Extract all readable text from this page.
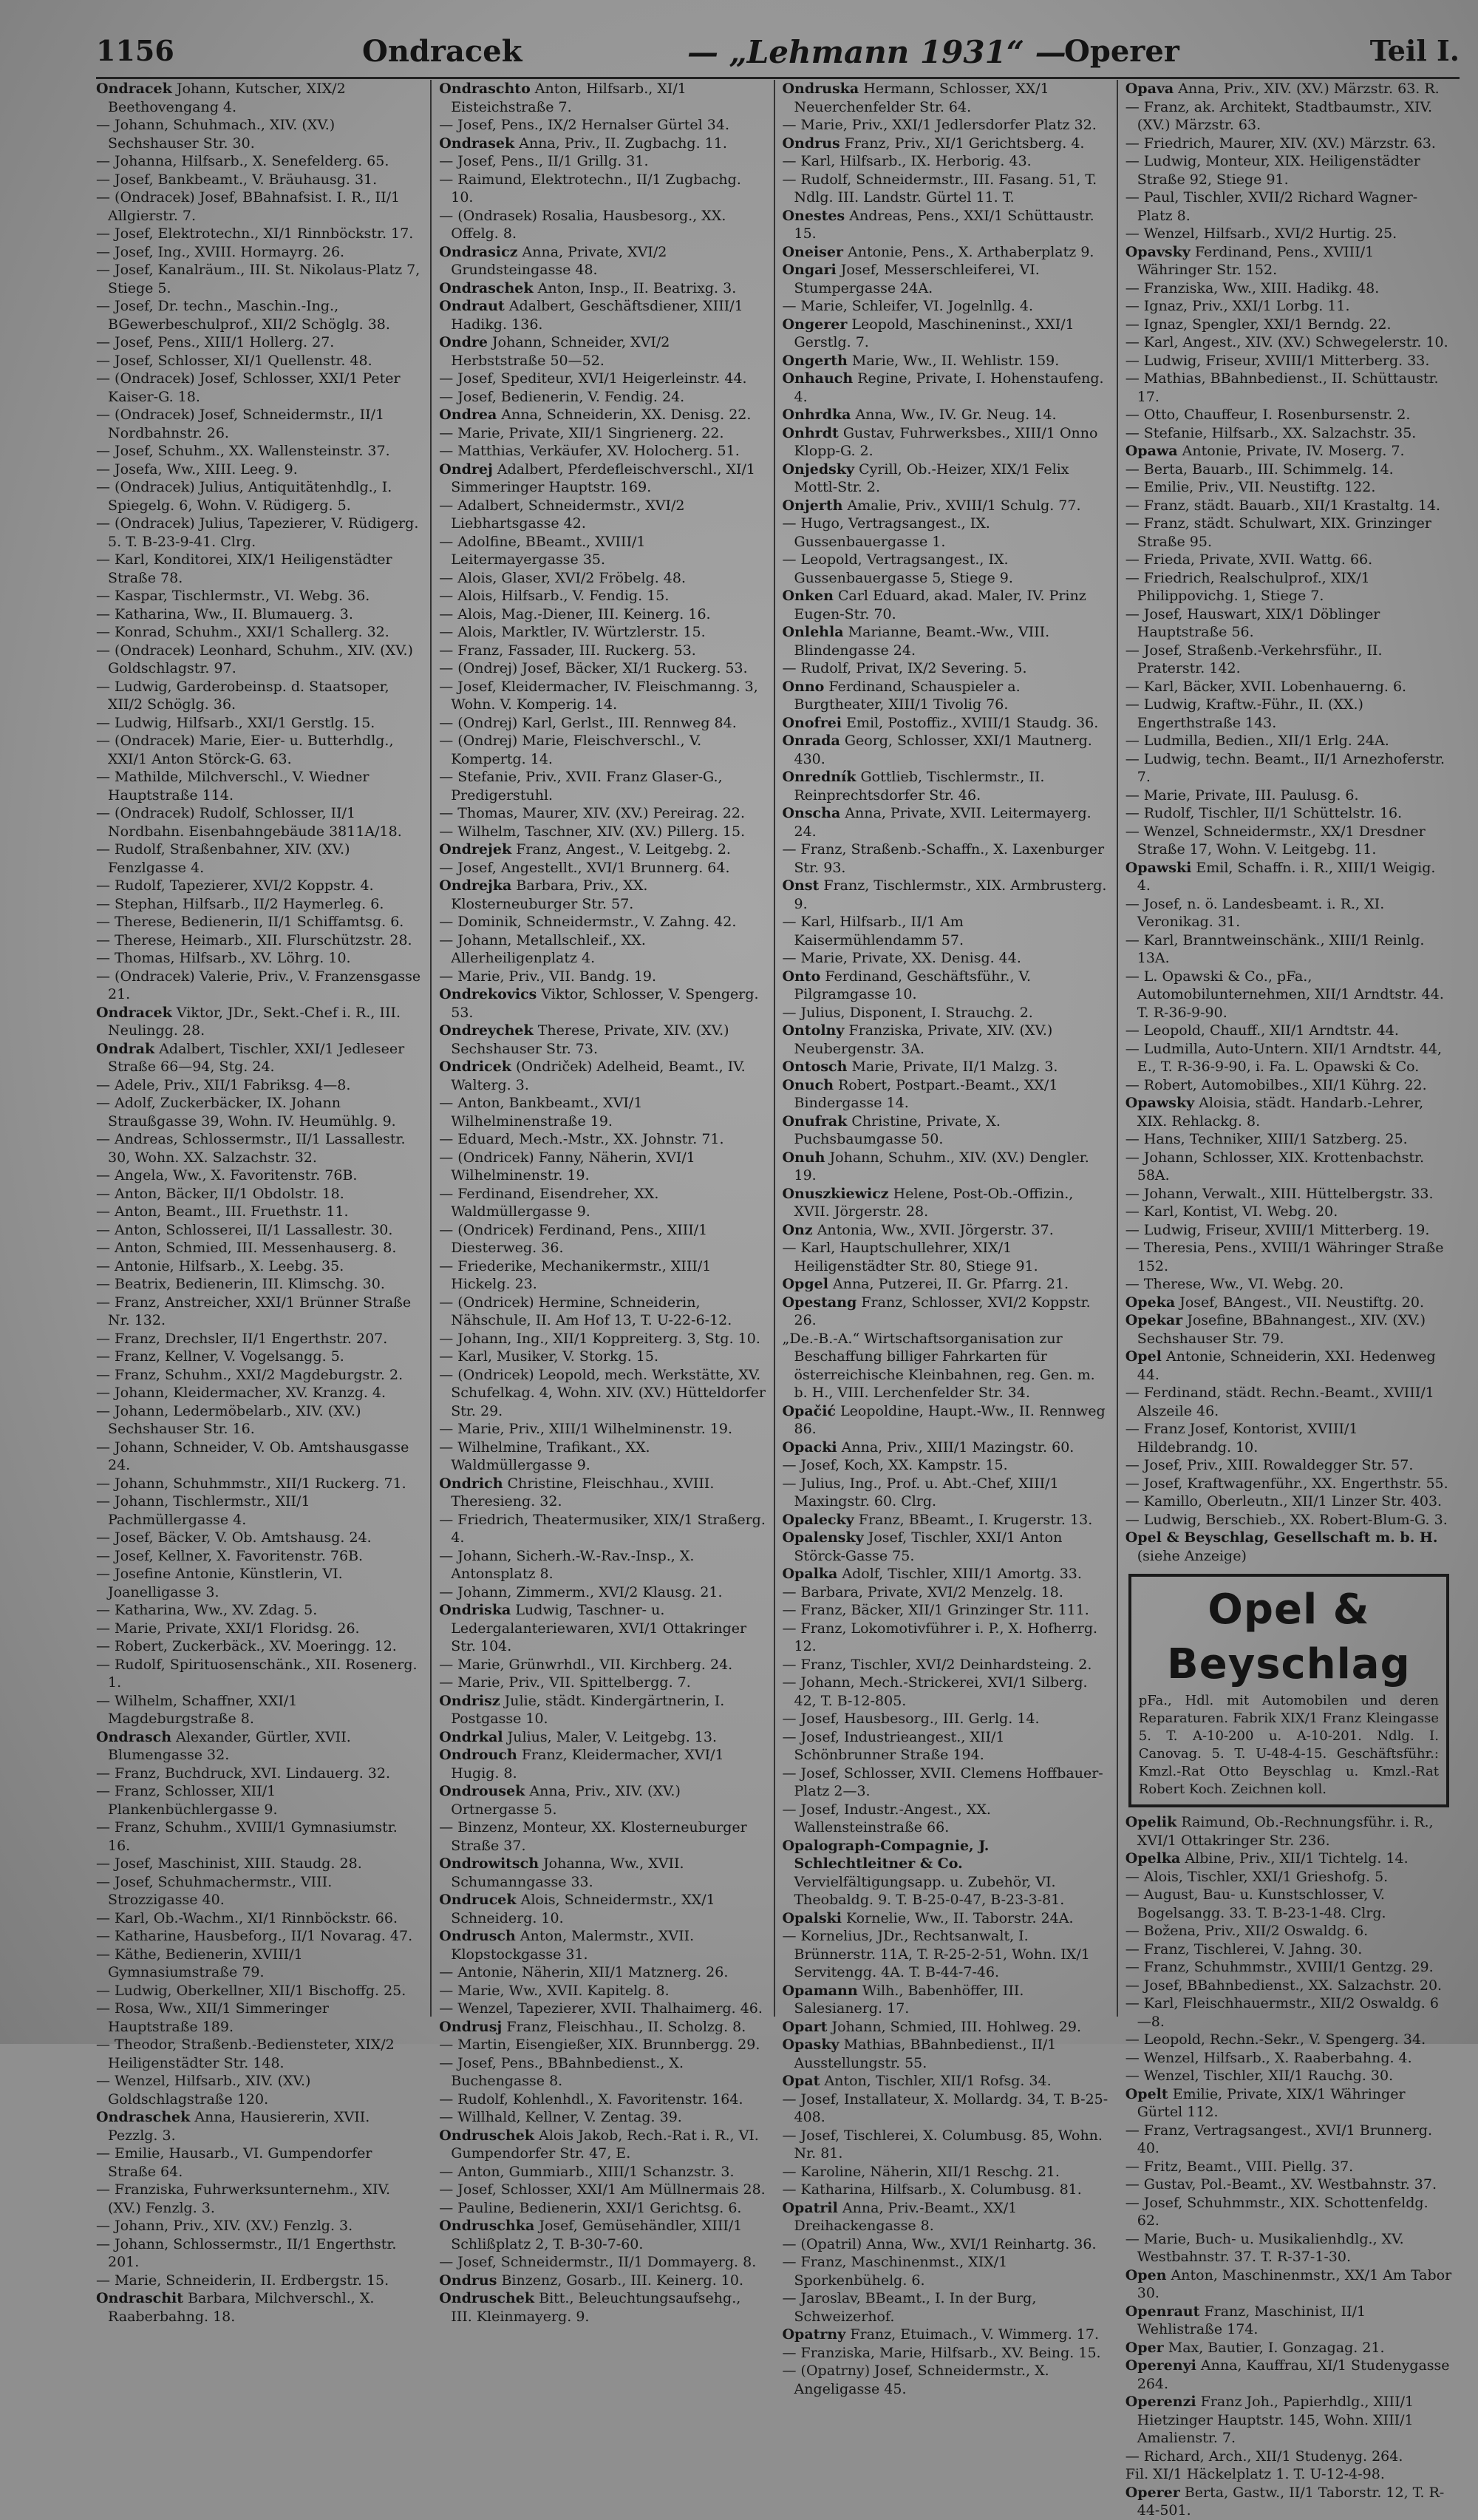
1156	Ondracek	— „Lehmann 1931“ —
Operer	Teil I.

Ondracek Johann, Kutscher, XIX/2 Beethovengang 4.

— Johann, Schuhmach., XIV. (XV.) Sechshauser Str. 30.

— Johanna, Hilfsarb., X. Senefelderg. 65.

— Josef, Bankbeamt., V. Bräuhausg. 31.

— (Ondracek) Josef, BBahnafsist. I. R., II/1 Allgierstr. 7.

— Josef, Elektrotechn., XI/1 Rinnböckstr. 17.

— Josef, Ing., XVIII. Hormayrg. 26.

— Josef, Kanalräum., III. St. Nikolaus-Platz 7, Stiege 5.

— Josef, Dr. techn., Maschin.-Ing., BGewerbeschulprof., XII/2 Schöglg. 38.

— Josef, Pens., XIII/1 Hollerg. 27.

— Josef, Schlosser, XI/1 Quellenstr. 48.

— (Ondracek) Josef, Schlosser, XXI/1 Peter Kaiser-G. 18.

— (Ondracek) Josef, Schneidermstr., II/1 Nordbahnstr. 26.

— Josef, Schuhm., XX. Wallensteinstr. 37.

— Josefa, Ww., XIII. Leeg. 9.

— (Ondracek) Julius, Antiquitätenhdlg., I. Spiegelg. 6, Wohn. V. Rüdigerg. 5.

— (Ondracek) Julius, Tapezierer, V. Rüdigerg. 5. T. B-23-9-41. Clrg.

— Karl, Konditorei, XIX/1 Heiligenstädter Straße 78.

— Kaspar, Tischlermstr., VI. Webg. 36.

— Katharina, Ww., II. Blumauerg. 3.

— Konrad, Schuhm., XXI/1 Schallerg. 32.

— (Ondracek) Leonhard, Schuhm., XIV. (XV.) Goldschlagstr. 97.

— Ludwig, Garderobeinsp. d. Staatsoper, XII/2 Schöglg. 36.

— Ludwig, Hilfsarb., XXI/1 Gerstlg. 15.

— (Ondracek) Marie, Eier- u. Butterhdlg., XXI/1 Anton Störck-G. 63.

— Mathilde, Milchverschl., V. Wiedner Hauptstraße 114.

— (Ondracek) Rudolf, Schlosser, II/1 Nordbahn. Eisenbahngebäude 3811A/18.

— Rudolf, Straßenbahner, XIV. (XV.) Fenzlgasse 4.

— Rudolf, Tapezierer, XVI/2 Koppstr. 4.

— Stephan, Hilfsarb., II/2 Haymerleg. 6.

— Therese, Bedienerin, II/1 Schiffamtsg. 6.

— Therese, Heimarb., XII. Flurschützstr. 28.

— Thomas, Hilfsarb., XV. Löhrg. 10.

— (Ondracek) Valerie, Priv., V. Franzensgasse 21.

Ondracek Viktor, JDr., Sekt.-Chef i. R., III. Neulingg. 28.

Ondrak Adalbert, Tischler, XXI/1 Jedleseer Straße 66—94, Stg. 24.

— Adele, Priv., XII/1 Fabriksg. 4—8.

— Adolf, Zuckerbäcker, IX. Johann Straußgasse 39, Wohn. IV. Heumühlg. 9.

— Andreas, Schlossermstr., II/1 Lassallestr. 30, Wohn. XX. Salzachstr. 32.

— Angela, Ww., X. Favoritenstr. 76B.

— Anton, Bäcker, II/1 Obdolstr. 18.

— Anton, Beamt., III. Fruethstr. 11.

— Anton, Schlosserei, II/1 Lassallestr. 30.

— Anton, Schmied, III. Messenhauserg. 8.

— Antonie, Hilfsarb., X. Leebg. 35.

— Beatrix, Bedienerin, III. Klimschg. 30.

— Franz, Anstreicher, XXI/1 Brünner Straße Nr. 132.

— Franz, Drechsler, II/1 Engerthstr. 207.

— Franz, Kellner, V. Vogelsangg. 5.

— Franz, Schuhm., XXI/2 Magdeburgstr. 2.

— Johann, Kleidermacher, XV. Kranzg. 4.

— Johann, Ledermöbelarb., XIV. (XV.) Sechshauser Str. 16.

— Johann, Schneider, V. Ob. Amtshausgasse 24.

— Johann, Schuhmmstr., XII/1 Ruckerg. 71.

— Johann, Tischlermstr., XII/1 Pachmüllergasse 4.

— Josef, Bäcker, V. Ob. Amtshausg. 24.

— Josef, Kellner, X. Favoritenstr. 76B.

— Josefine Antonie, Künstlerin, VI. Joanelligasse 3.

— Katharina, Ww., XV. Zdag. 5.

— Marie, Private, XXI/1 Floridsg. 26.

— Robert, Zuckerbäck., XV. Moeringg. 12.

— Rudolf, Spirituosenschänk., XII. Rosenerg. 1.

— Wilhelm, Schaffner, XXI/1 Magdeburgstraße 8.

Ondrasch Alexander, Gürtler, XVII. Blumengasse 32.

— Franz, Buchdruck, XVI. Lindauerg. 32.

— Franz, Schlosser, XII/1 Plankenbüchlergasse 9.

— Franz, Schuhm., XVIII/1 Gymnasiumstr. 16.

— Josef, Maschinist, XIII. Staudg. 28.

— Josef, Schuhmachermstr., VIII. Strozzigasse 40.

— Karl, Ob.-Wachm., XI/1 Rinnböckstr. 66.

— Katharine, Hausbeforg., II/1 Novarag. 47.

— Käthe, Bedienerin, XVIII/1 Gymnasiumstraße 79.

— Ludwig, Oberkellner, XII/1 Bischoffg. 25.

— Rosa, Ww., XII/1 Simmeringer Hauptstraße 189.

— Theodor, Straßenb.-Bediensteter, XIX/2 Heiligenstädter Str. 148.

— Wenzel, Hilfsarb., XIV. (XV.) Goldschlagstraße 120.

Ondraschek Anna, Hausiererin, XVII. Pezzlg. 3.

— Emilie, Hausarb., VI. Gumpendorfer Straße 64.

— Franziska, Fuhrwerksunternehm., XIV. (XV.) Fenzlg. 3.

— Johann, Priv., XIV. (XV.) Fenzlg. 3.

— Johann, Schlossermstr., II/1 Engerthstr. 201.

— Marie, Schneiderin, II. Erdbergstr. 15.

Ondraschit Barbara, Milchverschl., X. Raaberbahng. 18.

Ondraschto Anton, Hilfsarb., XI/1 Eisteichstraße 7.

— Josef, Pens., IX/2 Hernalser Gürtel 34.

Ondrasek Anna, Priv., II. Zugbachg. 11.

— Josef, Pens., II/1 Grillg. 31.

— Raimund, Elektrotechn., II/1 Zugbachg. 10.

— (Ondrasek) Rosalia, Hausbesorg., XX. Offelg. 8.

Ondrasicz Anna, Private, XVI/2 Grundsteingasse 48.

Ondraschek Anton, Insp., II. Beatrixg. 3.

Ondraut Adalbert, Geschäftsdiener, XIII/1 Hadikg. 136.

Ondre Johann, Schneider, XVI/2 Herbststraße 50—52.

— Josef, Spediteur, XVI/1 Heigerleinstr. 44.

— Josef, Bedienerin, V. Fendig. 24.

Ondrea Anna, Schneiderin, XX. Denisg. 22.

— Marie, Private, XII/1 Singrienerg. 22.

— Matthias, Verkäufer, XV. Holocherg. 51.

Ondrej Adalbert, Pferdefleischverschl., XI/1 Simmeringer Hauptstr. 169.

— Adalbert, Schneidermstr., XVI/2 Liebhartsgasse 42.

— Adolfine, BBeamt., XVIII/1 Leitermayergasse 35.

— Alois, Glaser, XVI/2 Fröbelg. 48.

— Alois, Hilfsarb., V. Fendig. 15.

— Alois, Mag.-Diener, III. Keinerg. 16.

— Alois, Marktler, IV. Würtzlerstr. 15.

— Franz, Fassader, III. Ruckerg. 53.

— (Ondrej) Josef, Bäcker, XI/1 Ruckerg. 53.

— Josef, Kleidermacher, IV. Fleischmanng. 3, Wohn. V. Komperig. 14.

— (Ondrej) Karl, Gerlst., III. Rennweg 84.

— (Ondrej) Marie, Fleischverschl., V. Kompertg. 14.

— Stefanie, Priv., XVII. Franz Glaser-G., Predigerstuhl.

— Thomas, Maurer, XIV. (XV.) Pereirag. 22.

— Wilhelm, Taschner, XIV. (XV.) Pillerg. 15.

Ondrejek Franz, Angest., V. Leitgebg. 2.

— Josef, Angestellt., XVI/1 Brunnerg. 64.

Ondrejka Barbara, Priv., XX. Klosterneuburger Str. 57.

— Dominik, Schneidermstr., V. Zahng. 42.

— Johann, Metallschleif., XX. Allerheiligenplatz 4.

— Marie, Priv., VII. Bandg. 19.

Ondrekovics Viktor, Schlosser, V. Spengerg. 53.

Ondreychek Therese, Private, XIV. (XV.) Sechshauser Str. 73.

Ondricek (Ondriček) Adelheid, Beamt., IV. Walterg. 3.

— Anton, Bankbeamt., XVI/1 Wilhelminenstraße 19.

— Eduard, Mech.-Mstr., XX. Johnstr. 71.

— (Ondricek) Fanny, Näherin, XVI/1 Wilhelminenstr. 19.

— Ferdinand, Eisendreher, XX. Waldmüllergasse 9.

— (Ondricek) Ferdinand, Pens., XIII/1 Diesterweg. 36.

— Friederike, Mechanikermstr., XIII/1 Hickelg. 23.

— (Ondricek) Hermine, Schneiderin, Nähschule, II. Am Hof 13, T. U-22-6-12.

— Johann, Ing., XII/1 Koppreiterg. 3, Stg. 10.

— Karl, Musiker, V. Storkg. 15.

— (Ondricek) Leopold, mech. Werkstätte, XV. Schufelkag. 4, Wohn. XIV. (XV.) Hütteldorfer Str. 29.

— Marie, Priv., XIII/1 Wilhelminenstr. 19.

— Wilhelmine, Trafikant., XX. Waldmüllergasse 9.

Ondrich Christine, Fleischhau., XVIII. Theresieng. 32.

— Friedrich, Theatermusiker, XIX/1 Straßerg. 4.

— Johann, Sicherh.-W.-Rav.-Insp., X. Antonsplatz 8.

— Johann, Zimmerm., XVI/2 Klausg. 21.

Ondriska Ludwig, Taschner- u. Ledergalanteriewaren, XVI/1 Ottakringer Str. 104.

— Marie, Grünwrhdl., VII. Kirchberg. 24.

— Marie, Priv., VII. Spittelbergg. 7.

Ondrisz Julie, städt. Kindergärtnerin, I. Postgasse 10.

Ondrkal Julius, Maler, V. Leitgebg. 13.

Ondrouch Franz, Kleidermacher, XVI/1 Hugig. 8.

Ondrousek Anna, Priv., XIV. (XV.) Ortnergasse 5.

— Binzenz, Monteur, XX. Klosterneuburger Straße 37.

Ondrowitsch Johanna, Ww., XVII. Schumanngasse 33.

Ondrucek Alois, Schneidermstr., XX/1 Schneiderg. 10.

Ondrusch Anton, Malermstr., XVII. Klopstockgasse 31.

— Antonie, Näherin, XII/1 Matznerg. 26.

— Marie, Ww., XVII. Kapitelg. 8.

— Wenzel, Tapezierer, XVII. Thalhaimerg. 46.

Ondrusj Franz, Fleischhau., II. Scholzg. 8.

— Martin, Eisengießer, XIX. Brunnbergg. 29.

— Josef, Pens., BBahnbedienst., X. Buchengasse 8.

— Rudolf, Kohlenhdl., X. Favoritenstr. 164.

— Willhald, Kellner, V. Zentag. 39.

Ondruschek Alois Jakob, Rech.-Rat i. R., VI. Gumpendorfer Str. 47, E.

— Anton, Gummiarb., XIII/1 Schanzstr. 3.

— Josef, Schlosser, XXI/1 Am Müllnermais 28.

— Pauline, Bedienerin, XXI/1 Gerichtsg. 6.

Ondruschka Josef, Gemüsehändler, XIII/1 Schlißplatz 2, T. B-30-7-60.

— Josef, Schneidermstr., II/1 Dommayerg. 8.

Ondrus Binzenz, Gosarb., III. Keinerg. 10.

Ondruschek Bitt., Beleuchtungsaufsehg., III. Kleinmayerg. 9.

Ondruska Hermann, Schlosser, XX/1 Neuerchenfelder Str. 64.

— Marie, Priv., XXI/1 Jedlersdorfer Platz 32.

Ondrus Franz, Priv., XI/1 Gerichtsberg. 4.

— Karl, Hilfsarb., IX. Herborig. 43.

— Rudolf, Schneidermstr., III. Fasang. 51, T. Ndlg. III. Landstr. Gürtel 11. T.

Onestes Andreas, Pens., XXI/1 Schüttaustr. 15.

Oneiser Antonie, Pens., X. Arthaberplatz 9.

Ongari Josef, Messerschleiferei, VI. Stumpergasse 24A.

— Marie, Schleifer, VI. Jogelnllg. 4.

Ongerer Leopold, Maschineninst., XXI/1 Gerstlg. 7.

Ongerth Marie, Ww., II. Wehlistr. 159.

Onhauch Regine, Private, I. Hohenstaufeng. 4.

Onhrdka Anna, Ww., IV. Gr. Neug. 14.

Onhrdt Gustav, Fuhrwerksbes., XIII/1 Onno Klopp-G. 2.

Onjedsky Cyrill, Ob.-Heizer, XIX/1 Felix Mottl-Str. 2.

Onjerth Amalie, Priv., XVIII/1 Schulg. 77.

— Hugo, Vertragsangest., IX. Gussenbauergasse 1.

— Leopold, Vertragsangest., IX. Gussenbauergasse 5, Stiege 9.

Onken Carl Eduard, akad. Maler, IV. Prinz Eugen-Str. 70.

Onlehla Marianne, Beamt.-Ww., VIII. Blindengasse 24.

— Rudolf, Privat, IX/2 Severing. 5.

Onno Ferdinand, Schauspieler a. Burgtheater, XIII/1 Tivolig 76.

Onofrei Emil, Postoffiz., XVIII/1 Staudg. 36.

Onrada Georg, Schlosser, XXI/1 Mautnerg. 430.

Onredník Gottlieb, Tischlermstr., II. Reinprechtsdorfer Str. 46.

Onscha Anna, Private, XVII. Leitermayerg. 24.

— Franz, Straßenb.-Schaffn., X. Laxenburger Str. 93.

Onst Franz, Tischlermstr., XIX. Armbrusterg. 9.

— Karl, Hilfsarb., II/1 Am Kaisermühlendamm 57.

— Marie, Private, XX. Denisg. 44.

Onto Ferdinand, Geschäftsführ., V. Pilgramgasse 10.

— Julius, Disponent, I. Strauchg. 2.

Ontolny Franziska, Private, XIV. (XV.) Neubergenstr. 3A.

Ontosch Marie, Private, II/1 Malzg. 3.

Onuch Robert, Postpart.-Beamt., XX/1 Bindergasse 14.

Onufrak Christine, Private, X. Puchsbaumgasse 50.

Onuh Johann, Schuhm., XIV. (XV.) Dengler. 19.

Onuszkiewicz Helene, Post-Ob.-Offizin., XVII. Jörgerstr. 28.

Onz Antonia, Ww., XVII. Jörgerstr. 37.

— Karl, Hauptschullehrer, XIX/1 Heiligenstädter Str. 80, Stiege 91.

Opgel Anna, Putzerei, II. Gr. Pfarrg. 21.

Opestang Franz, Schlosser, XVI/2 Koppstr. 26.

„De.-B.-A.“ Wirtschaftsorganisation zur Beschaffung billiger Fahrkarten für österreichische Kleinbahnen, reg. Gen. m. b. H., VIII. Lerchenfelder Str. 34.

Opačić Leopoldine, Haupt.-Ww., II. Rennweg 86.

Opacki Anna, Priv., XIII/1 Mazingstr. 60.

— Josef, Koch, XX. Kampstr. 15.

— Julius, Ing., Prof. u. Abt.-Chef, XIII/1 Maxingstr. 60. Clrg.

Opalecky Franz, BBeamt., I. Krugerstr. 13.

Opalensky Josef, Tischler, XXI/1 Anton Störck-Gasse 75.

Opalka Adolf, Tischler, XIII/1 Amortg. 33.

— Barbara, Private, XVI/2 Menzelg. 18.

— Franz, Bäcker, XII/1 Grinzinger Str. 111.

— Franz, Lokomotivführer i. P., X. Hofherrg. 12.

— Franz, Tischler, XVI/2 Deinhardsteing. 2.

— Johann, Mech.-Strickerei, XVI/1 Silberg. 42, T. B-12-805.

— Josef, Hausbesorg., III. Gerlg. 14.

— Josef, Industrieangest., XII/1 Schönbrunner Straße 194.

— Josef, Schlosser, XVII. Clemens Hoffbauer-Platz 2—3.

— Josef, Industr.-Angest., XX. Wallensteinstraße 66.

Opalograph-Compagnie, J. Schlechtleitner & Co. Vervielfältigungsapp. u. Zubehör, VI. Theobaldg. 9. T. B-25-0-47, B-23-3-81.

Opalski Kornelie, Ww., II. Taborstr. 24A.

— Kornelius, JDr., Rechtsanwalt, I. Brünnerstr. 11A, T. R-25-2-51, Wohn. IX/1 Servitengg. 4A. T. B-44-7-46.

Opamann Wilh., Babenhöffer, III. Salesianerg. 17.

Opart Johann, Schmied, III. Hohlweg. 29.

Opasky Mathias, BBahnbedienst., II/1 Ausstellungstr. 55.

Opat Anton, Tischler, XII/1 Rofsg. 34.

— Josef, Installateur, X. Mollardg. 34, T. B-25-408.

— Josef, Tischlerei, X. Columbusg. 85, Wohn. Nr. 81.

— Karoline, Näherin, XII/1 Reschg. 21.

— Katharina, Hilfsarb., X. Columbusg. 81.

Opatril Anna, Priv.-Beamt., XX/1 Dreihackengasse 8.

— (Opatril) Anna, Ww., XVI/1 Reinhartg. 36.

— Franz, Maschinenmst., XIX/1 Sporkenbühelg. 6.

— Jaroslav, BBeamt., I. In der Burg, Schweizerhof.

Opatrny Franz, Etuimach., V. Wimmerg. 17.

— Franziska, Marie, Hilfsarb., XV. Being. 15.

— (Opatrny) Josef, Schneidermstr., X. Angeligasse 45.

Opava Anna, Priv., XIV. (XV.) Märzstr. 63. R.

— Franz, ak. Architekt, Stadtbaumstr., XIV. (XV.) Märzstr. 63.

— Friedrich, Maurer, XIV. (XV.) Märzstr. 63.

— Ludwig, Monteur, XIX. Heiligenstädter Straße 92, Stiege 91.

— Paul, Tischler, XVII/2 Richard Wagner-Platz 8.

— Wenzel, Hilfsarb., XVI/2 Hurtig. 25.

Opavsky Ferdinand, Pens., XVIII/1 Währinger Str. 152.

— Franziska, Ww., XIII. Hadikg. 48.

— Ignaz, Priv., XXI/1 Lorbg. 11.

— Ignaz, Spengler, XXI/1 Berndg. 22.

— Karl, Angest., XIV. (XV.) Schwegelerstr. 10.

— Ludwig, Friseur, XVIII/1 Mitterberg. 33.

— Mathias, BBahnbedienst., II. Schüttaustr. 17.

— Otto, Chauffeur, I. Rosenbursenstr. 2.

— Stefanie, Hilfsarb., XX. Salzachstr. 35.

Opawa Antonie, Private, IV. Moserg. 7.

— Berta, Bauarb., III. Schimmelg. 14.

— Emilie, Priv., VII. Neustiftg. 122.

— Franz, städt. Bauarb., XII/1 Krastaltg. 14.

— Franz, städt. Schulwart, XIX. Grinzinger Straße 95.

— Frieda, Private, XVII. Wattg. 66.

— Friedrich, Realschulprof., XIX/1 Philippovichg. 1, Stiege 7.

— Josef, Hauswart, XIX/1 Döblinger Hauptstraße 56.

— Josef, Straßenb.-Verkehrsführ., II. Praterstr. 142.

— Karl, Bäcker, XVII. Lobenhauerng. 6.

— Ludwig, Kraftw.-Führ., II. (XX.) Engerthstraße 143.

— Ludmilla, Bedien., XII/1 Erlg. 24A.

— Ludwig, techn. Beamt., II/1 Arnezhoferstr. 7.

— Marie, Private, III. Paulusg. 6.

— Rudolf, Tischler, II/1 Schüttelstr. 16.

— Wenzel, Schneidermstr., XX/1 Dresdner Straße 17, Wohn. V. Leitgebg. 11.

Opawski Emil, Schaffn. i. R., XIII/1 Weigig. 4.

— Josef, n. ö. Landesbeamt. i. R., XI. Veronikag. 31.

— Karl, Branntweinschänk., XIII/1 Reinlg. 13A.

— L. Opawski & Co., pFa., Automobilunternehmen, XII/1 Arndtstr. 44. T. R-36-9-90.

— Leopold, Chauff., XII/1 Arndtstr. 44.

— Ludmilla, Auto-Untern. XII/1 Arndtstr. 44, E., T. R-36-9-90, i. Fa. L. Opawski & Co.

— Robert, Automobilbes., XII/1 Kührg. 22.

Opawsky Aloisia, städt. Handarb.-Lehrer, XIX. Rehlackg. 8.

— Hans, Techniker, XIII/1 Satzberg. 25.

— Johann, Schlosser, XIX. Krottenbachstr. 58A.

— Johann, Verwalt., XIII. Hüttelbergstr. 33.

— Karl, Kontist, VI. Webg. 20.

— Ludwig, Friseur, XVIII/1 Mitterberg. 19.

— Theresia, Pens., XVIII/1 Währinger Straße 152.

— Therese, Ww., VI. Webg. 20.

Opeka Josef, BAngest., VII. Neustiftg. 20.

Opekar Josefine, BBahnangest., XIV. (XV.) Sechshauser Str. 79.

Opel Antonie, Schneiderin, XXI. Hedenweg 44.

— Ferdinand, städt. Rechn.-Beamt., XVIII/1 Alszeile 46.

— Franz Josef, Kontorist, XVIII/1 Hildebrandg. 10.

— Josef, Priv., XIII. Rowaldegger Str. 57.

— Josef, Kraftwagenführ., XX. Engerthstr. 55.

— Kamillo, Oberleutn., XII/1 Linzer Str. 403.

— Ludwig, Berschieb., XX. Robert-Blum-G. 3.

Opel & Beyschlag, Gesellschaft m. b. H. (siehe Anzeige)

Opel & Beyschlag
pFa., Hdl. mit Automobilen und deren Reparaturen. Fabrik XIX/1 Franz Kleingasse 5. T. A-10-200 u. A-10-201. Ndlg. I. Canovag. 5. T. U-48-4-15. Geschäftsführ.: Kmzl.-Rat Otto Beyschlag u. Kmzl.-Rat Robert Koch. Zeichnen koll.

Opelik Raimund, Ob.-Rechnungsführ. i. R., XVI/1 Ottakringer Str. 236.

Opelka Albine, Priv., XII/1 Tichtelg. 14.

— Alois, Tischler, XXI/1 Grieshofg. 5.

— August, Bau- u. Kunstschlosser, V. Bogelsangg. 33. T. B-23-1-48. Clrg.

— Božena, Priv., XII/2 Oswaldg. 6.

— Franz, Tischlerei, V. Jahng. 30.

— Franz, Schuhmmstr., XVIII/1 Gentzg. 29.

— Josef, BBahnbedienst., XX. Salzachstr. 20.

— Karl, Fleischhauermstr., XII/2 Oswaldg. 6—8.

— Leopold, Rechn.-Sekr., V. Spengerg. 34.

— Wenzel, Hilfsarb., X. Raaberbahng. 4.

— Wenzel, Tischler, XII/1 Rauchg. 30.

Opelt Emilie, Private, XIX/1 Währinger Gürtel 112.

— Franz, Vertragsangest., XVI/1 Brunnerg. 40.

— Fritz, Beamt., VIII. Piellg. 37.

— Gustav, Pol.-Beamt., XV. Westbahnstr. 37.

— Josef, Schuhmmstr., XIX. Schottenfeldg. 62.

— Marie, Buch- u. Musikalienhdlg., XV. Westbahnstr. 37. T. R-37-1-30.

Open Anton, Maschinenmstr., XX/1 Am Tabor 30.

Openraut Franz, Maschinist, II/1 Wehlistraße 174.

Oper Max, Bautier, I. Gonzagag. 21.

Operenyi Anna, Kauffrau, XI/1 Studenygasse 264.

Operenzi Franz Joh., Papierhdlg., XIII/1 Hietzinger Hauptstr. 145, Wohn. XIII/1 Amalienstr. 7.

— Richard, Arch., XII/1 Studenyg. 264.

Fil. XI/1 Häckelplatz 1. T. U-12-4-98.

Operer Berta, Gastw., II/1 Taborstr. 12, T. R-44-501.
